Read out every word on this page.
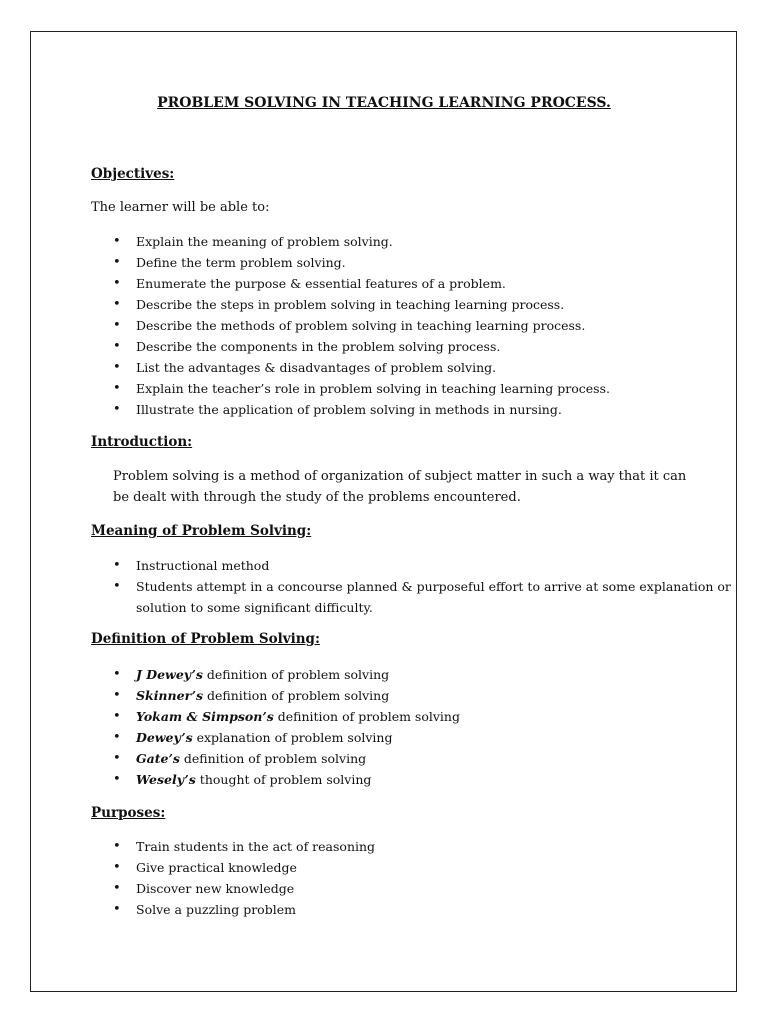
PROBLEM SOLVING IN TEACHING LEARNING PROCESS.
Objectives:

The learner will be able to:

• Explain the meaning of problem solving.
• Define the term problem solving.
• Enumerate the purpose & essential features of a problem.
• Describe the steps in problem solving in teaching learning process.
• Describe the methods of problem solving in teaching learning process.
• Describe the components in the problem solving process.
• List the advantages & disadvantages of problem solving.
• Explain the teacher’s role in problem solving in teaching learning process.
• Illustrate the application of problem solving in methods in nursing.
Introduction:

Problem solving is a method of organization of subject matter in such a way that it can be dealt with through the study of the problems encountered.

Meaning of Problem Solving:
• Instructional method
• Students attempt in a concourse planned & purposeful effort to arrive at some explanation or solution to some significant difficulty.
Definition of Problem Solving:
• J Dewey’s definition of problem solving
• Skinner’s definition of problem solving
• Yokam & Simpson’s definition of problem solving
• Dewey’s explanation of problem solving
• Gate’s definition of problem solving
• Wesely’s thought of problem solving
Purposes:
• Train students in the act of reasoning
• Give practical knowledge
• Discover new knowledge
• Solve a puzzling problem
